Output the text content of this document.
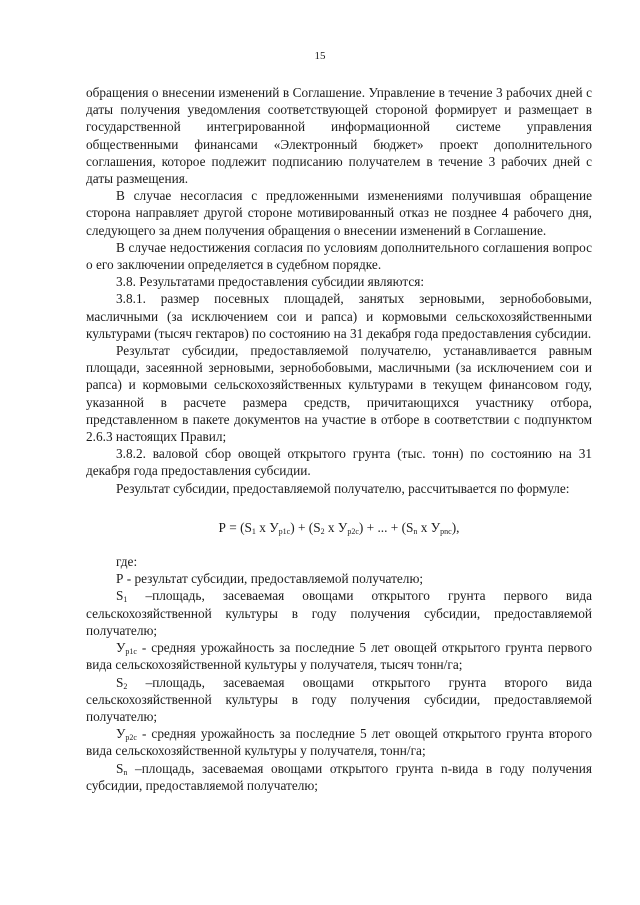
15

обращения о внесении изменений в Соглашение. Управление в течение 3 рабочих дней с даты получения уведомления соответствующей стороной формирует и размещает в государственной интегрированной информационной системе управления общественными финансами «Электронный бюджет» проект дополнительного соглашения, которое подлежит подписанию получателем в течение 3 рабочих дней с даты размещения.

В случае несогласия с предложенными изменениями получившая обращение сторона направляет другой стороне мотивированный отказ не позднее 4 рабочего дня, следующего за днем получения обращения о внесении изменений в Соглашение.

В случае недостижения согласия по условиям дополнительного соглашения вопрос о его заключении определяется в судебном порядке.

3.8. Результатами предоставления субсидии являются:

3.8.1. размер посевных площадей, занятых зерновыми, зернобобовыми, масличными (за исключением сои и рапса) и кормовыми сельскохозяйственными культурами (тысяч гектаров) по состоянию на 31 декабря года предоставления субсидии.

Результат субсидии, предоставляемой получателю, устанавливается равным площади, засеянной зерновыми, зернобобовыми, масличными (за исключением сои и рапса) и кормовыми сельскохозяйственных культурами в текущем финансовом году, указанной в расчете размера средств, причитающихся участнику отбора, представленном в пакете документов на участие в отборе в соответствии с подпунктом 2.6.3 настоящих Правил;

3.8.2. валовой сбор овощей открытого грунта (тыс. тонн) по состоянию на 31 декабря года предоставления субсидии.

Результат субсидии, предоставляемой получателю, рассчитывается по формуле:

$Р = (S_1$ x $У_{p1c}) + (S_2$ x $У_{p2c}$) + ... + ($S_n$ x $У_{pnc}$),

где:

Р - результат субсидии, предоставляемой получателю;

$S_1$ –площадь, засеваемая овощами открытого грунта первого вида сельскохозяйственной культуры в году получения субсидии, предоставляемой получателю;

$У_{p1c}$ - средняя урожайность за последние 5 лет овощей открытого грунта первого вида сельскохозяйственной культуры у получателя, тысяч тонн/га;

$S_2$ –площадь, засеваемая овощами открытого грунта второго вида сельскохозяйственной культуры в году получения субсидии, предоставляемой получателю;

$У_{p2c}$ - средняя урожайность за последние 5 лет овощей открытого грунта второго вида сельскохозяйственной культуры у получателя, тонн/га;

$S_n$ –площадь, засеваемая овощами открытого грунта n-вида в году получения субсидии, предоставляемой получателю;
